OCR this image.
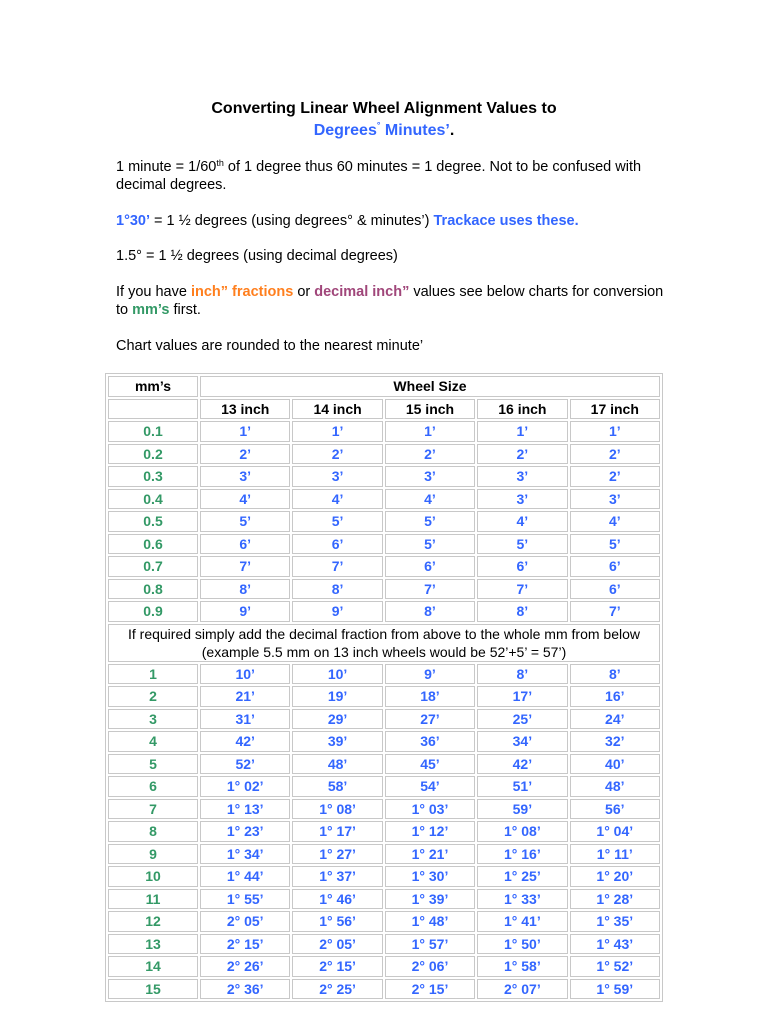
Converting Linear Wheel Alignment Values to
Degrees° Minutes’.
1 minute = 1/60th of 1 degree thus 60 minutes = 1 degree. Not to be confused with decimal degrees.
1°30’ = 1 ½ degrees (using degrees° & minutes’) Trackace uses these.
1.5° = 1 ½ degrees (using decimal degrees)
If you have inch” fractions or decimal inch” values see below charts for conversion to mm’s first.
Chart values are rounded to the nearest minute’
mm’s	Wheel Size				
	13 inch	14 inch	15 inch	16 inch	17 inch
0.1	1’	1’	1’	1’	1’
0.2	2’	2’	2’	2’	2’
0.3	3’	3’	3’	3’	2’
0.4	4’	4’	4’	3’	3’
0.5	5’	5’	5’	4’	4’
0.6	6’	6’	5’	5’	5’
0.7	7’	7’	6’	6’	6’
0.8	8’	8’	7’	7’	6’
0.9	9’	9’	8’	8’	7’
If required simply add the decimal fraction from above to the whole mm from below (example 5.5 mm on 13 inch wheels would be 52’+5’ = 57’)					
1	10’	10’	9’	8’	8’
2	21’	19’	18’	17’	16’
3	31’	29’	27’	25’	24’
4	42’	39’	36’	34’	32’
5	52’	48’	45’	42’	40’
6	1° 02’	58’	54’	51’	48’
7	1° 13’	1° 08’	1° 03’	59’	56’
8	1° 23’	1° 17’	1° 12’	1° 08’	1° 04’
9	1° 34’	1° 27’	1° 21’	1° 16’	1° 11’
10	1° 44’	1° 37’	1° 30’	1° 25’	1° 20’
11	1° 55’	1° 46’	1° 39’	1° 33’	1° 28’
12	2° 05’	1° 56’	1° 48’	1° 41’	1° 35’
13	2° 15’	2° 05’	1° 57’	1° 50’	1° 43’
14	2° 26’	2° 15’	2° 06’	1° 58’	1° 52’
15	2° 36’	2° 25’	2° 15’	2° 07’	1° 59’
